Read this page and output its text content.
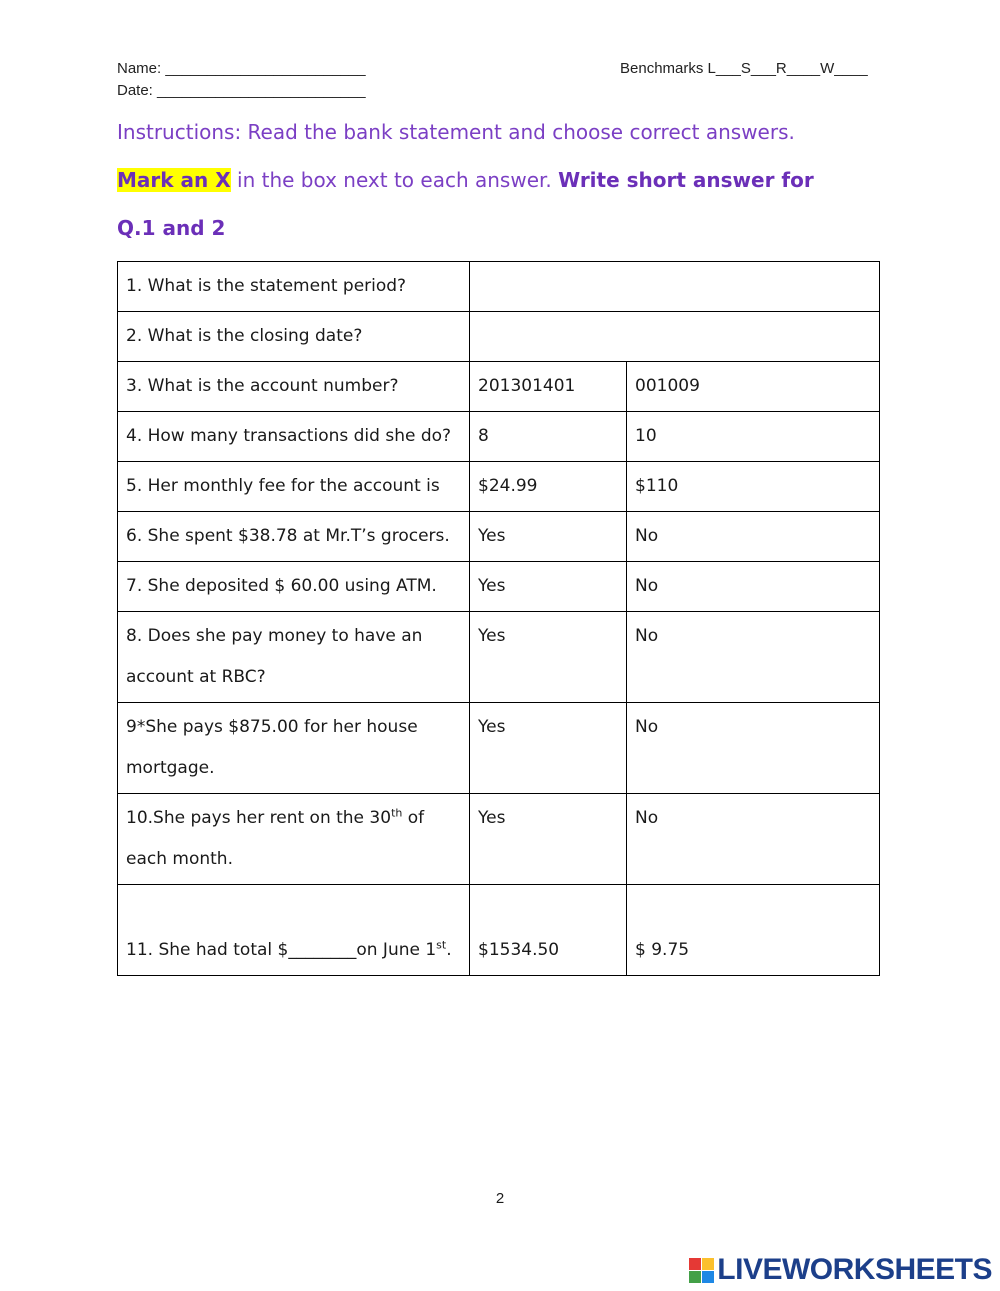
Name: ________________________
Date: _________________________
Benchmarks L___S___R____W____
Instructions: Read the bank statement and choose correct answers.
Mark an X in the box next to each answer. Write short answer for
Q.1 and 2
1. What is the statement period?		
2. What is the closing date?		
3. What is the account number?	201301401	001009
4. How many transactions did she do?	8	10
5. Her monthly fee for the account is	$24.99	$110
6. She spent $38.78 at Mr.T’s grocers.	Yes	No
7. She deposited $ 60.00 using ATM.	Yes	No
8. Does she pay money to have an account at RBC?	Yes	No
9*She pays $875.00 for her house mortgage.	Yes	No
10.She pays her rent on the 30th of each month.	Yes	No
11. She had total $________on June 1st.	$1534.50	$ 9.75
2
LIVEWORKSHEETS
